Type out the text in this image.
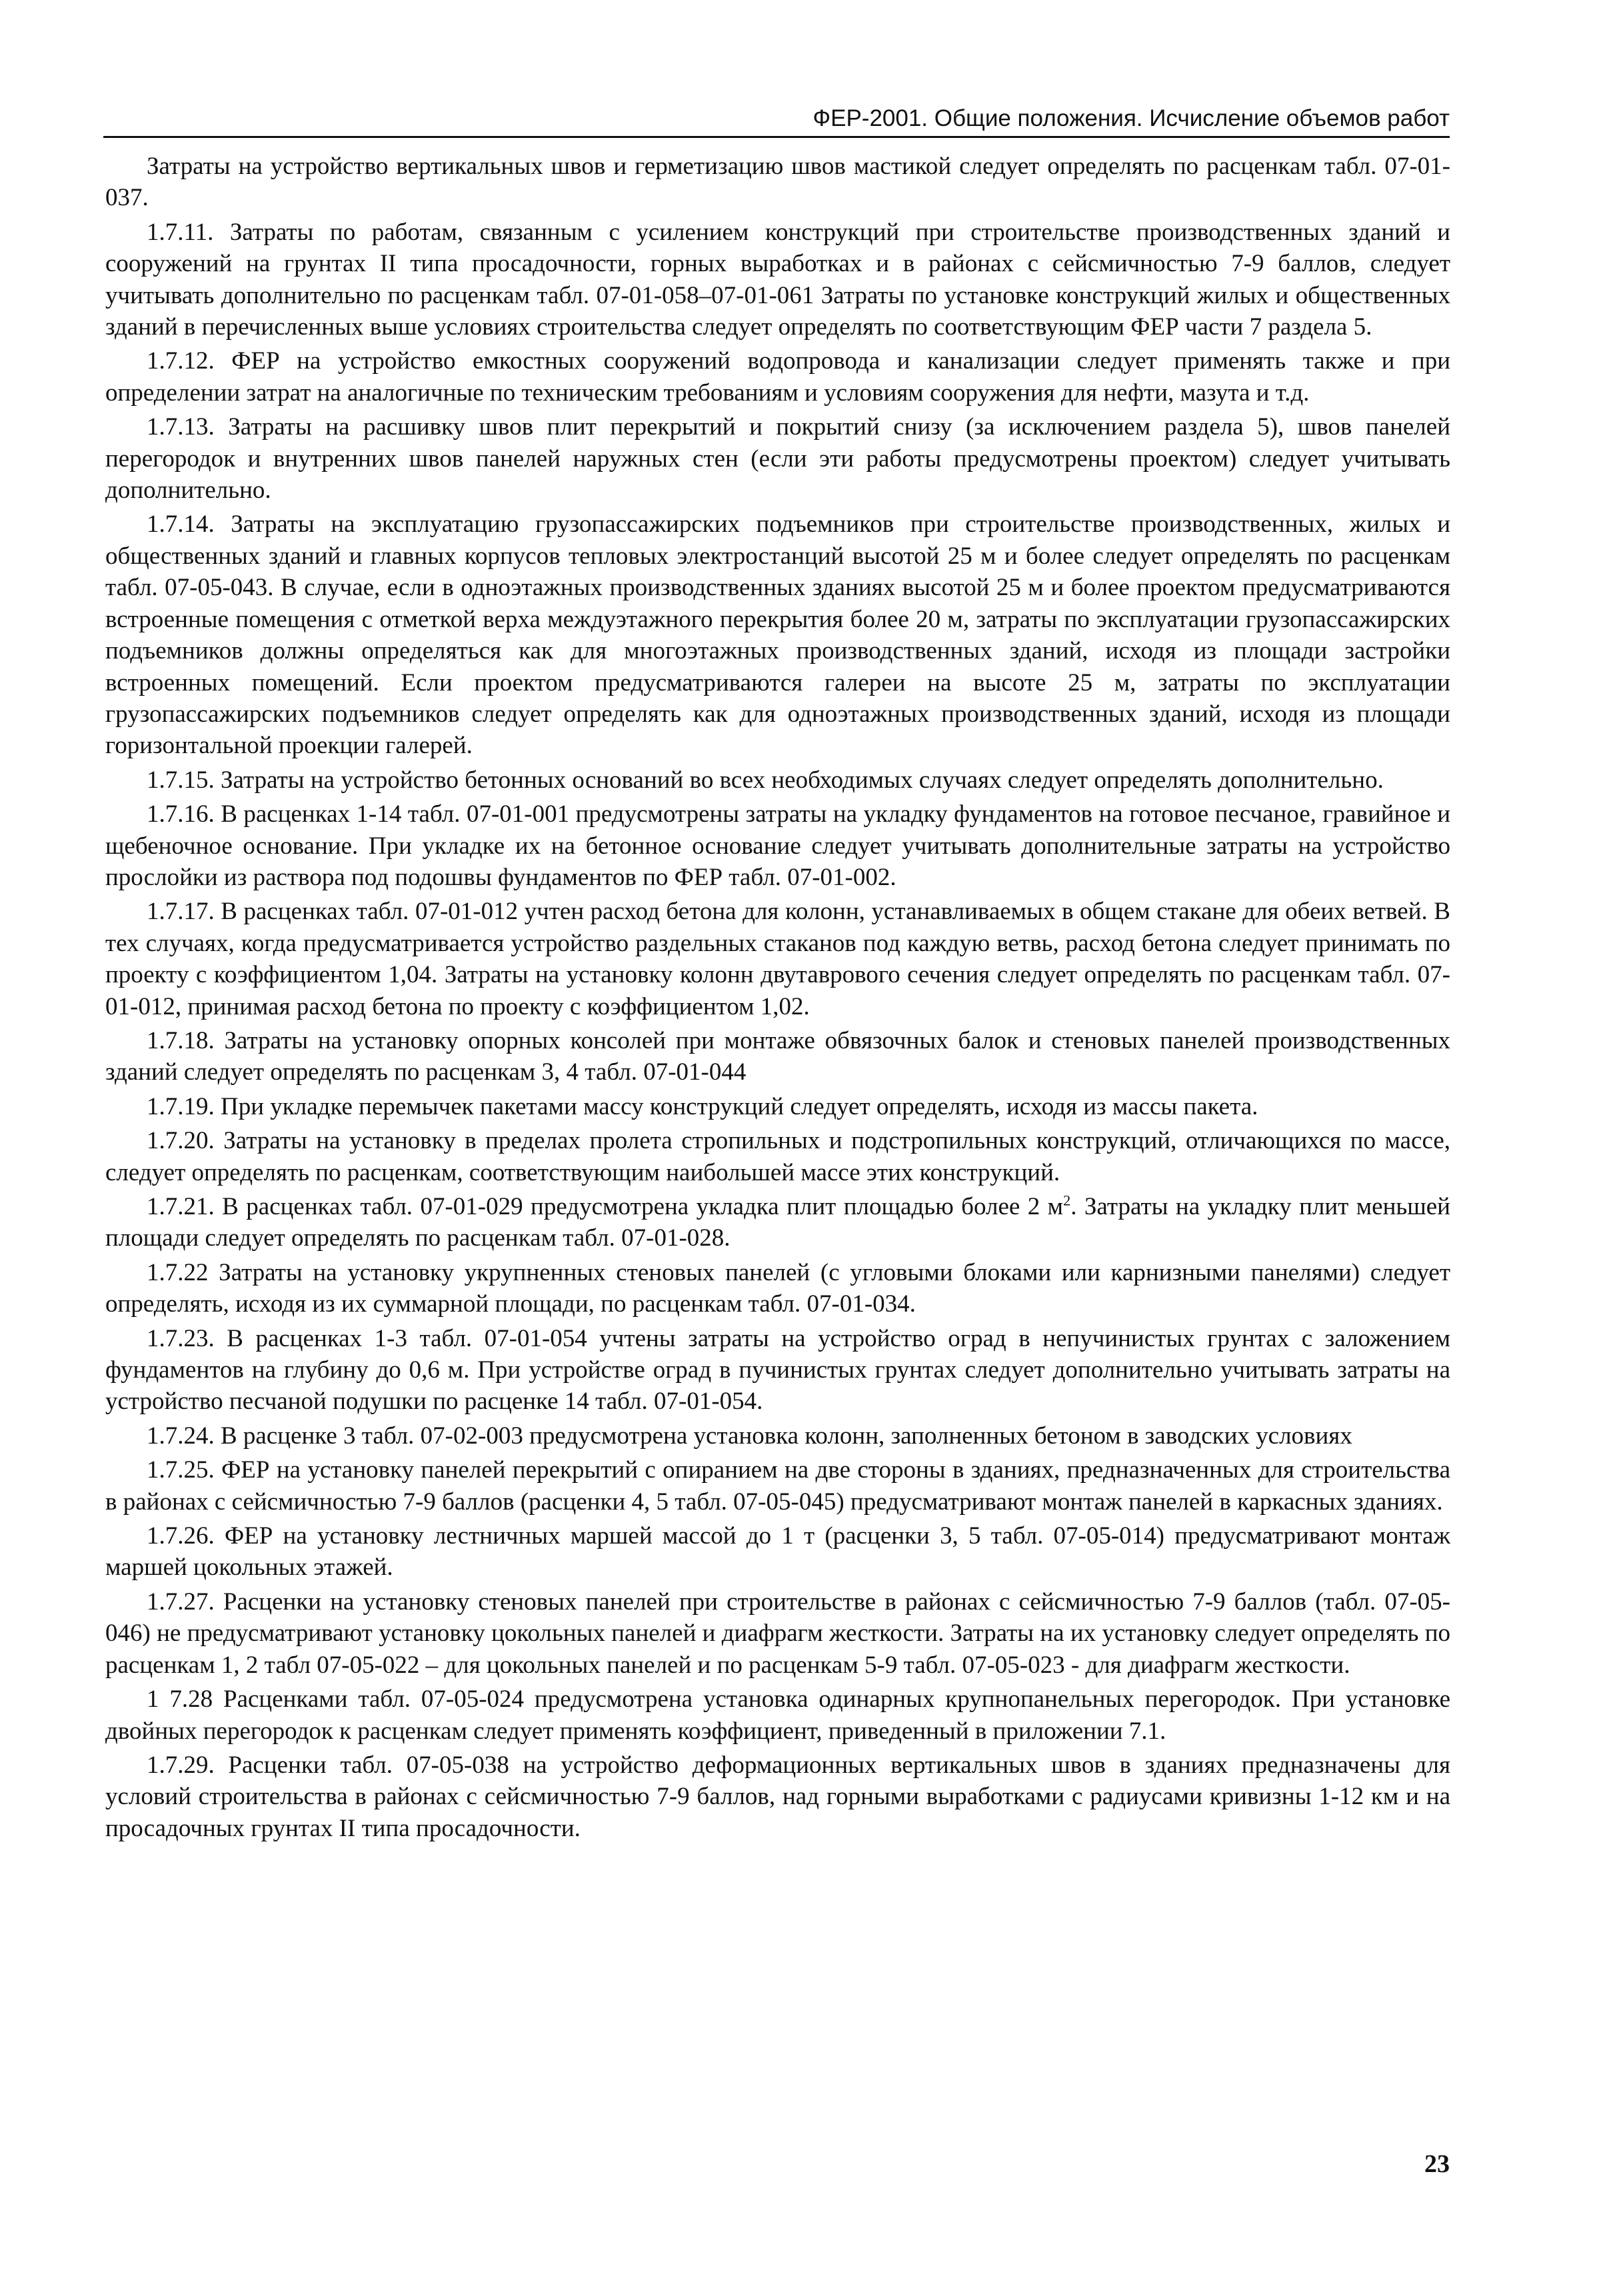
ФЕР-2001. Общие положения. Исчисление объемов работ

Затраты на устройство вертикальных швов и герметизацию швов мастикой следует определять по расценкам табл. 07-01-037.

1.7.11. Затраты по работам, связанным с усилением конструкций при строительстве производственных зданий и сооружений на грунтах II типа просадочности, горных выработках и в районах с сейсмичностью 7-9 баллов, следует учитывать дополнительно по расценкам табл. 07-01-058–07-01-061 Затраты по установке конструкций жилых и общественных зданий в перечисленных выше условиях строительства следует определять по соответствующим ФЕР части 7 раздела 5.

1.7.12. ФЕР на устройство емкостных сооружений водопровода и канализации следует применять также и при определении затрат на аналогичные по техническим требованиям и условиям сооружения для нефти, мазута и т.д.

1.7.13. Затраты на расшивку швов плит перекрытий и покрытий снизу (за исключением раздела 5), швов панелей перегородок и внутренних швов панелей наружных стен (если эти работы предусмотрены проектом) следует учитывать дополнительно.

1.7.14. Затраты на эксплуатацию грузопассажирских подъемников при строительстве производственных, жилых и общественных зданий и главных корпусов тепловых электростанций высотой 25 м и более следует определять по расценкам табл. 07-05-043. В случае, если в одноэтажных производственных зданиях высотой 25 м и более проектом предусматриваются встроенные помещения с отметкой верха междуэтажного перекрытия более 20 м, затраты по эксплуатации грузопассажирских подъемников должны определяться как для многоэтажных производственных зданий, исходя из площади застройки встроенных помещений. Если проектом предусматриваются галереи на высоте 25 м, затраты по эксплуатации грузопассажирских подъемников следует определять как для одноэтажных производственных зданий, исходя из площади горизонтальной проекции галерей.

1.7.15. Затраты на устройство бетонных оснований во всех необходимых случаях следует определять дополнительно.

1.7.16. В расценках 1-14 табл. 07-01-001 предусмотрены затраты на укладку фундаментов на готовое песчаное, гравийное и щебеночное основание. При укладке их на бетонное основание следует учитывать дополнительные затраты на устройство прослойки из раствора под подошвы фундаментов по ФЕР табл. 07-01-002.

1.7.17. В расценках табл. 07-01-012 учтен расход бетона для колонн, устанавливаемых в общем стакане для обеих ветвей. В тех случаях, когда предусматривается устройство раздельных стаканов под каждую ветвь, расход бетона следует принимать по проекту с коэффициентом 1,04. Затраты на установку колонн двутаврового сечения следует определять по расценкам табл. 07-01-012, принимая расход бетона по проекту с коэффициентом 1,02.

1.7.18. Затраты на установку опорных консолей при монтаже обвязочных балок и стеновых панелей производственных зданий следует определять по расценкам 3, 4 табл. 07-01-044

1.7.19. При укладке перемычек пакетами массу конструкций следует определять, исходя из массы пакета.

1.7.20. Затраты на установку в пределах пролета стропильных и подстропильных конструкций, отличающихся по массе, следует определять по расценкам, соответствующим наибольшей массе этих конструкций.

1.7.21. В расценках табл. 07-01-029 предусмотрена укладка плит площадью более 2 $м^2$. Затраты на укладку плит меньшей площади следует определять по расценкам табл. 07-01-028.

1.7.22 Затраты на установку укрупненных стеновых панелей (с угловыми блоками или карнизными панелями) следует определять, исходя из их суммарной площади, по расценкам табл. 07-01-034.

1.7.23. В расценках 1-3 табл. 07-01-054 учтены затраты на устройство оград в непучинистых грунтах с заложением фундаментов на глубину до 0,6 м. При устройстве оград в пучинистых грунтах следует дополнительно учитывать затраты на устройство песчаной подушки по расценке 14 табл. 07-01-054.

1.7.24. В расценке 3 табл. 07-02-003 предусмотрена установка колонн, заполненных бетоном в заводских условиях

1.7.25. ФЕР на установку панелей перекрытий с опиранием на две стороны в зданиях, предназначенных для строительства в районах с сейсмичностью 7-9 баллов (расценки 4, 5 табл. 07-05-045) предусматривают монтаж панелей в каркасных зданиях.

1.7.26. ФЕР на установку лестничных маршей массой до 1 т (расценки 3, 5 табл. 07-05-014) предусматривают монтаж маршей цокольных этажей.

1.7.27. Расценки на установку стеновых панелей при строительстве в районах с сейсмичностью 7-9 баллов (табл. 07-05-046) не предусматривают установку цокольных панелей и диафрагм жесткости. Затраты на их установку следует определять по расценкам 1, 2 табл 07-05-022 – для цокольных панелей и по расценкам 5-9 табл. 07-05-023 - для диафрагм жесткости.

1 7.28 Расценками табл. 07-05-024 предусмотрена установка одинарных крупнопанельных перегородок. При установке двойных перегородок к расценкам следует применять коэффициент, приведенный в приложении 7.1.

1.7.29. Расценки табл. 07-05-038 на устройство деформационных вертикальных швов в зданиях предназначены для условий строительства в районах с сейсмичностью 7-9 баллов, над горными выработками с радиусами кривизны 1-12 км и на просадочных грунтах II типа просадочности.

23
